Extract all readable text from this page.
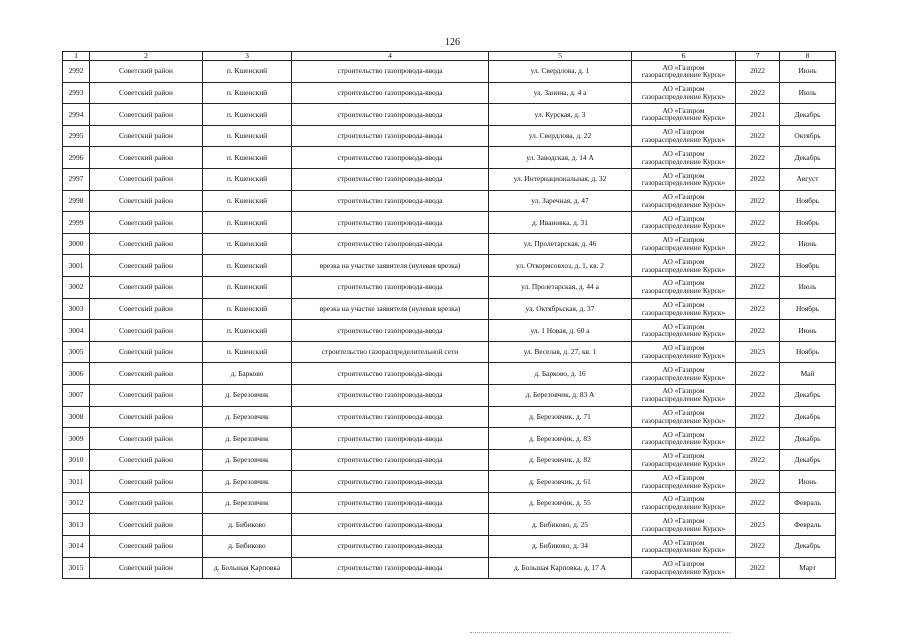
126
1	2	3	4	5	6	7	8
2992	Советский район	п. Кшенский	строительство газопровода-ввода	ул. Свердлова, д. 1	АО «Газпром
газораспределение Курск»	2022	Июнь
2993	Советский район	п. Кшенский	строительство газопровода-ввода	ул. Занина, д. 4 а	АО «Газпром
газораспределение Курск»	2022	Июль
2994	Советский район	п. Кшенский	строительство газопровода-ввода	ул. Курская, д. 3	АО «Газпром
газораспределение Курск»	2021	Декабрь
2995	Советский район	п. Кшенский	строительство газопровода-ввода	ул. Свердлова, д. 22	АО «Газпром
газораспределение Курск»	2022	Октябрь
2996	Советский район	п. Кшенский	строительство газопровода-ввода	ул. Заводская, д. 14 А	АО «Газпром
газораспределение Курск»	2022	Декабрь
2997	Советский район	п. Кшенский	строительство газопровода-ввода	ул. Интернациональная, д. 32	АО «Газпром
газораспределение Курск»	2022	Август
2998	Советский район	п. Кшенский	строительство газопровода-ввода	ул. Заречная, д. 47	АО «Газпром
газораспределение Курск»	2022	Ноябрь
2999	Советский район	п. Кшенский	строительство газопровода-ввода	д. Ивановка, д. 31	АО «Газпром
газораспределение Курск»	2022	Ноябрь
3000	Советский район	п. Кшенский	строительство газопровода-ввода	ул. Пролетарская, д. 46	АО «Газпром
газораспределение Курск»	2022	Июнь
3001	Советский район	п. Кшенский	врезка на участке заявителя (нулевая врезка)	ул. Откормсовхоз, д. 1, кв. 2	АО «Газпром
газораспределение Курск»	2022	Ноябрь
3002	Советский район	п. Кшенский	строительство газопровода-ввода	ул. Пролетарская, д. 44 а	АО «Газпром
газораспределение Курск»	2022	Июль
3003	Советский район	п. Кшенский	врезка на участке заявителя (нулевая врезка)	ул. Октябрьская, д. 37	АО «Газпром
газораспределение Курск»	2022	Ноябрь
3004	Советский район	п. Кшенский	строительство газопровода-ввода	ул. 1 Новая, д. 60 а	АО «Газпром
газораспределение Курск»	2022	Июнь
3005	Советский район	п. Кшенский	строительство газораспределительной сети	ул. Веселая, д. 27, кв. 1	АО «Газпром
газораспределение Курск»	2023	Ноябрь
3006	Советский район	д. Барково	строительство газопровода-ввода	д. Барково, д. 16	АО «Газпром
газораспределение Курск»	2022	Май
3007	Советский район	д. Березовчик	строительство газопровода-ввода	д. Березовчик, д. 83 А	АО «Газпром
газораспределение Курск»	2022	Декабрь
3008	Советский район	д. Березовчик	строительство газопровода-ввода	д. Березовчик, д. 71	АО «Газпром
газораспределение Курск»	2022	Декабрь
3009	Советский район	д. Березовчик	строительство газопровода-ввода	д. Березовчик, д. 83	АО «Газпром
газораспределение Курск»	2022	Декабрь
3010	Советский район	д. Березовчик	строительство газопровода-ввода	д. Березовчик, д. 82	АО «Газпром
газораспределение Курск»	2022	Декабрь
3011	Советский район	д. Березовчик	строительство газопровода-ввода	д. Березовчик, д. 61	АО «Газпром
газораспределение Курск»	2022	Июнь
3012	Советский район	д. Березовчик	строительство газопровода-ввода	д. Березовчик, д. 55	АО «Газпром
газораспределение Курск»	2022	Февраль
3013	Советский район	д. Бибиково	строительство газопровода-ввода	д. Бибиково, д. 25	АО «Газпром
газораспределение Курск»	2023	Февраль
3014	Советский район	д. Бибиково	строительство газопровода-ввода	д. Бибиково, д. 34	АО «Газпром
газораспределение Курск»	2022	Декабрь
3015	Советский район	д. Большая Карповка	строительство газопровода-ввода	д. Большая Карповка, д. 17 А	АО «Газпром
газораспределение Курск»	2022	Март
